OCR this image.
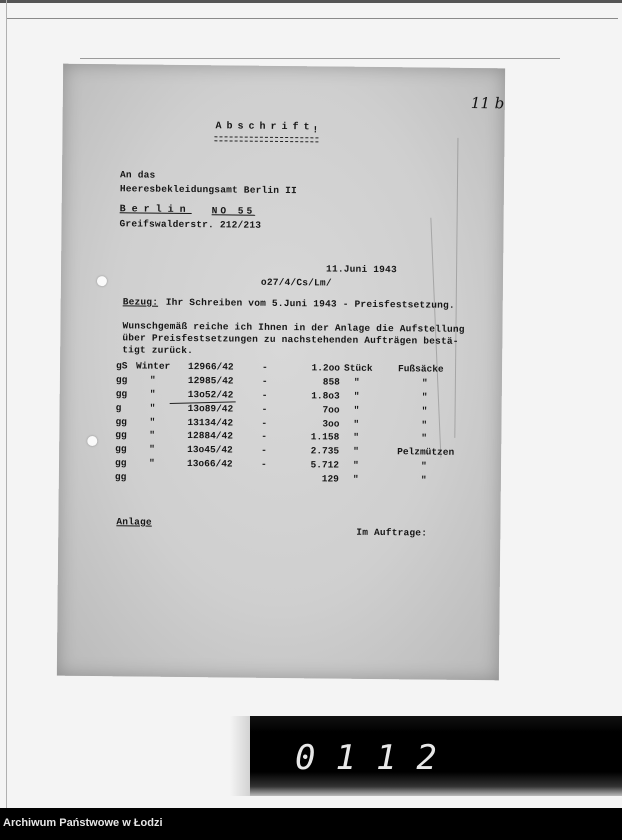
11 b
Abschrift
!
An das
Heeresbekleidungsamt Berlin II
Berlin NO 55
Greifswalderstr. 212/213
11.Juni 1943
o27/4/Cs/Lm/
Bezug: Ihr Schreiben vom 5.Juni 1943 - Preisfestsetzung.
Wunschgemäß reiche ich Ihnen in der Anlage die Aufstellung
über Preisfestsetzungen zu nachstehenden Aufträgen bestä-
tigt zurück.
gS	Winter	12966/42	-	1.2oo	Stück	Fußsäcke
gg	"	12985/42	-	858	"	"
gg	"	13o52/42	-	1.8o3	"	"
g	"	13o89/42	-	7oo	"	"
gg	"	13134/42	-	3oo	"	"
gg	"	12884/42	-	1.158	"	"
gg	"	13o45/42	-	2.735	"	Pelzmützen
gg	"	13o66/42	-	5.712	"	"
gg				129	"	"
Anlage
Im Auftrage:
0112
Archiwum Państwowe w Łodzi
